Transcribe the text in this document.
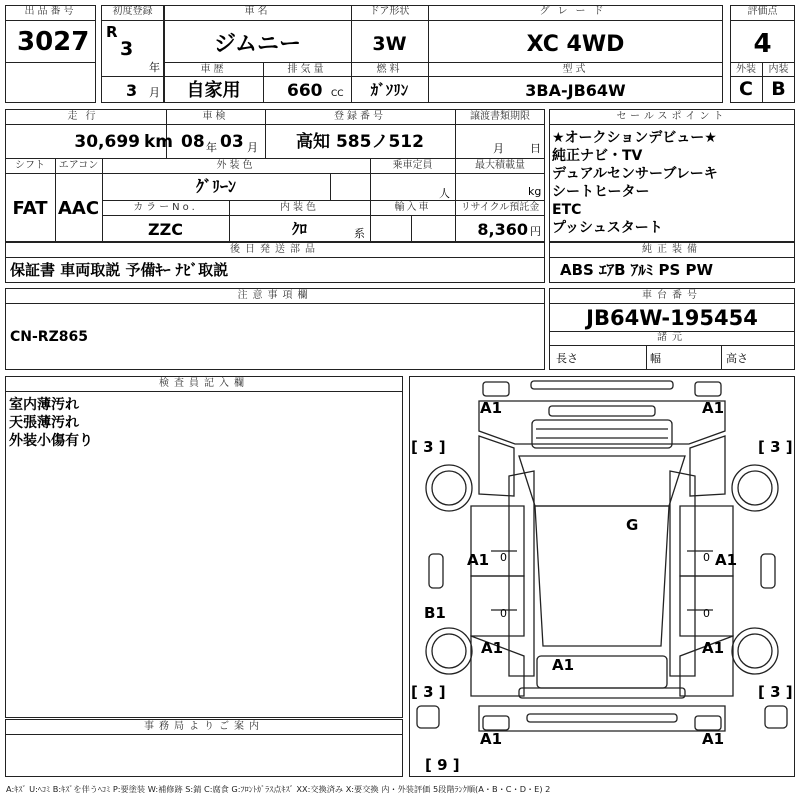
出品番号
3027
初度登録
R
3
年
3 月
車名
ジムニー
ドア形状
3W
グレード
XC 4WD
車歴
自家用
排気量
660 CC
燃料
ｶﾞｿﾘﾝ
型式
3BA-JB64W
評価点
4
外装	内装
C B
走行
30,699 km
車検
08 年 03 月
登録番号
高知 585ノ512
譲渡書類期限
月 日
シフト
FAT
エアコン
AAC
外装色
ｸﾞﾘｰﾝ
乗車定員
人
最大積載量
kg
カラーNo.
ZZC
内装色
ｸﾛ	系
輸入車	リサイクル預託金
8,360 円
セールスポイント
★オークションデビュー★
純正ナビ・TV
デュアルセンサーブレーキ
シートヒーター
ETC
プッシュスタート
後日発送部品
保証書 車両取説 予備ｷｰ ﾅﾋﾞ取説
純正装備
ABS ｴｱB ｱﾙﾐ PS PW
注意事項欄
CN-RZ865
車台番号
JB64W-195454
諸元
長さ	幅	高さ
検査員記入欄
室内薄汚れ
天張薄汚れ
外装小傷有り
事務局よりご案内
A1	A1
[ 3 ]	[ 3 ]
G
A1	A1
0	0
B1	0	0
A1	A1
A1
[ 3 ]	[ 3 ]
A1	A1
[ 9 ]
A:ｷｽﾞ U:ﾍｺﾐ B:ｷｽﾞを伴うﾍｺﾐ P:要塗装 W:補修跡 S:錆 C:腐食 G:ﾌﾛﾝﾄｶﾞﾗｽ点ｷｽﾞ XX:交換済み X:要交換 内・外装評価 5段階ﾗﾝｸ順(A・B・C・D・E) 2
